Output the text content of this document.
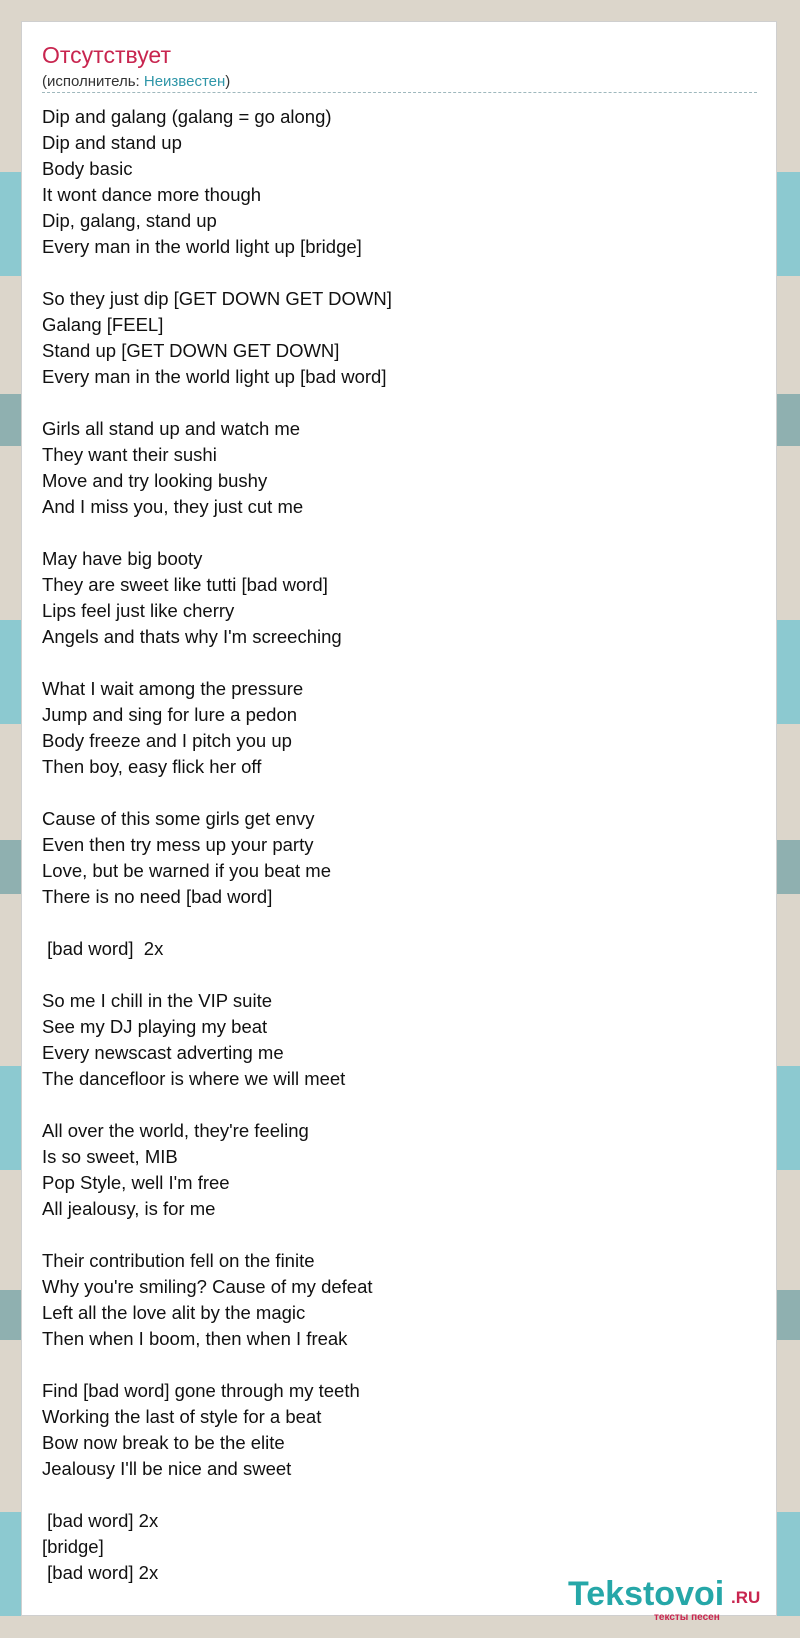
Отсутствует
(исполнитель: Неизвестен)
Dip and galang (galang = go along)
Dip and stand up
Body basic
It wont dance more though
Dip, galang, stand up
Every man in the world light up [bridge]
So they just dip [GET DOWN GET DOWN]
Galang [FEEL]
Stand up [GET DOWN GET DOWN]
Every man in the world light up [bad word]
Girls all stand up and watch me
They want their sushi
Move and try looking bushy
And I miss you, they just cut me
May have big booty
They are sweet like tutti [bad word]
Lips feel just like cherry
Angels and thats why I'm screeching
What I wait among the pressure
Jump and sing for lure a pedon
Body freeze and I pitch you up
Then boy, easy flick her off
Cause of this some girls get envy
Even then try mess up your party
Love, but be warned if you beat me
There is no need [bad word]
[bad word]  2x
So me I chill in the VIP suite
See my DJ playing my beat
Every newscast adverting me
The dancefloor is where we will meet
All over the world, they're feeling
Is so sweet, MIB
Pop Style, well I'm free
All jealousy, is for me
Their contribution fell on the finite
Why you're smiling? Cause of my defeat
Left all the love alit by the magic
Then when I boom, then when I freak
Find [bad word] gone through my teeth
Working the last of style for a beat
Bow now break to be the elite
Jealousy I'll be nice and sweet
[bad word] 2x
[bridge]
[bad word] 2x
Tekstovoi .RU
тексты песен
